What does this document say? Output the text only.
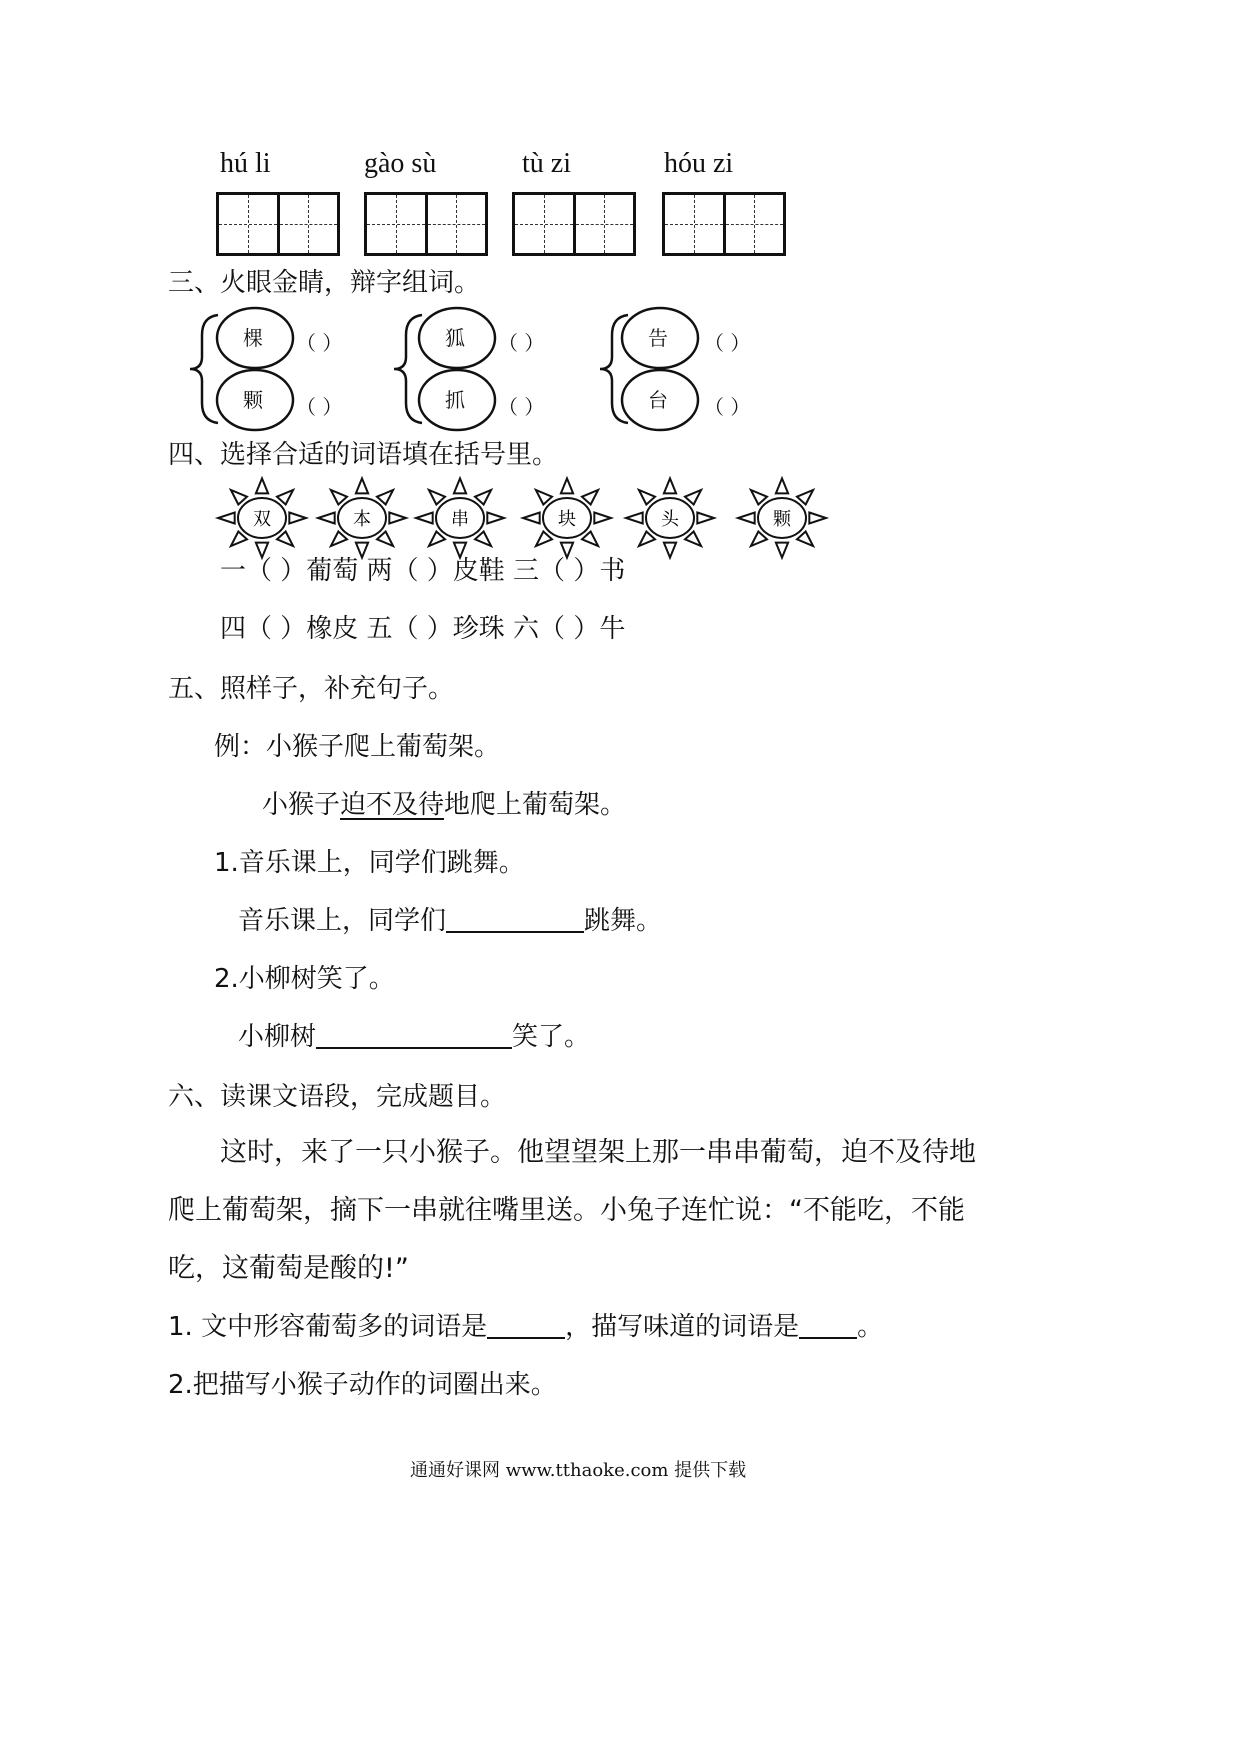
hú li	gào sù	tù zi	hóu zi
三、火眼金睛，辩字组词。
棵
颗
狐
抓
告
台
（ ）
（ ）
（ ）
（ ）
（ ）
（ ）
四、选择合适的词语填在括号里。
双	本	串	块	头	颗
一（ ）葡萄 两（ ）皮鞋 三（ ）书
四（ ）橡皮 五（ ）珍珠 六（ ）牛
五、照样子，补充句子。
例：小猴子爬上葡萄架。
小猴子迫不及待地爬上葡萄架。
1.音乐课上，同学们跳舞。
音乐课上，同学们	跳舞。
2.小柳树笑了。
小柳树	笑了。
六、读课文语段，完成题目。
这时，来了一只小猴子。他望望架上那一串串葡萄，迫不及待地
爬上葡萄架，摘下一串就往嘴里送。小兔子连忙说：“不能吃，不能
吃，这葡萄是酸的!”
1. 文中形容葡萄多的词语是	，描写味道的词语是 。
2.把描写小猴子动作的词圈出来。
通通好课网 www.tthaoke.com 提供下载
